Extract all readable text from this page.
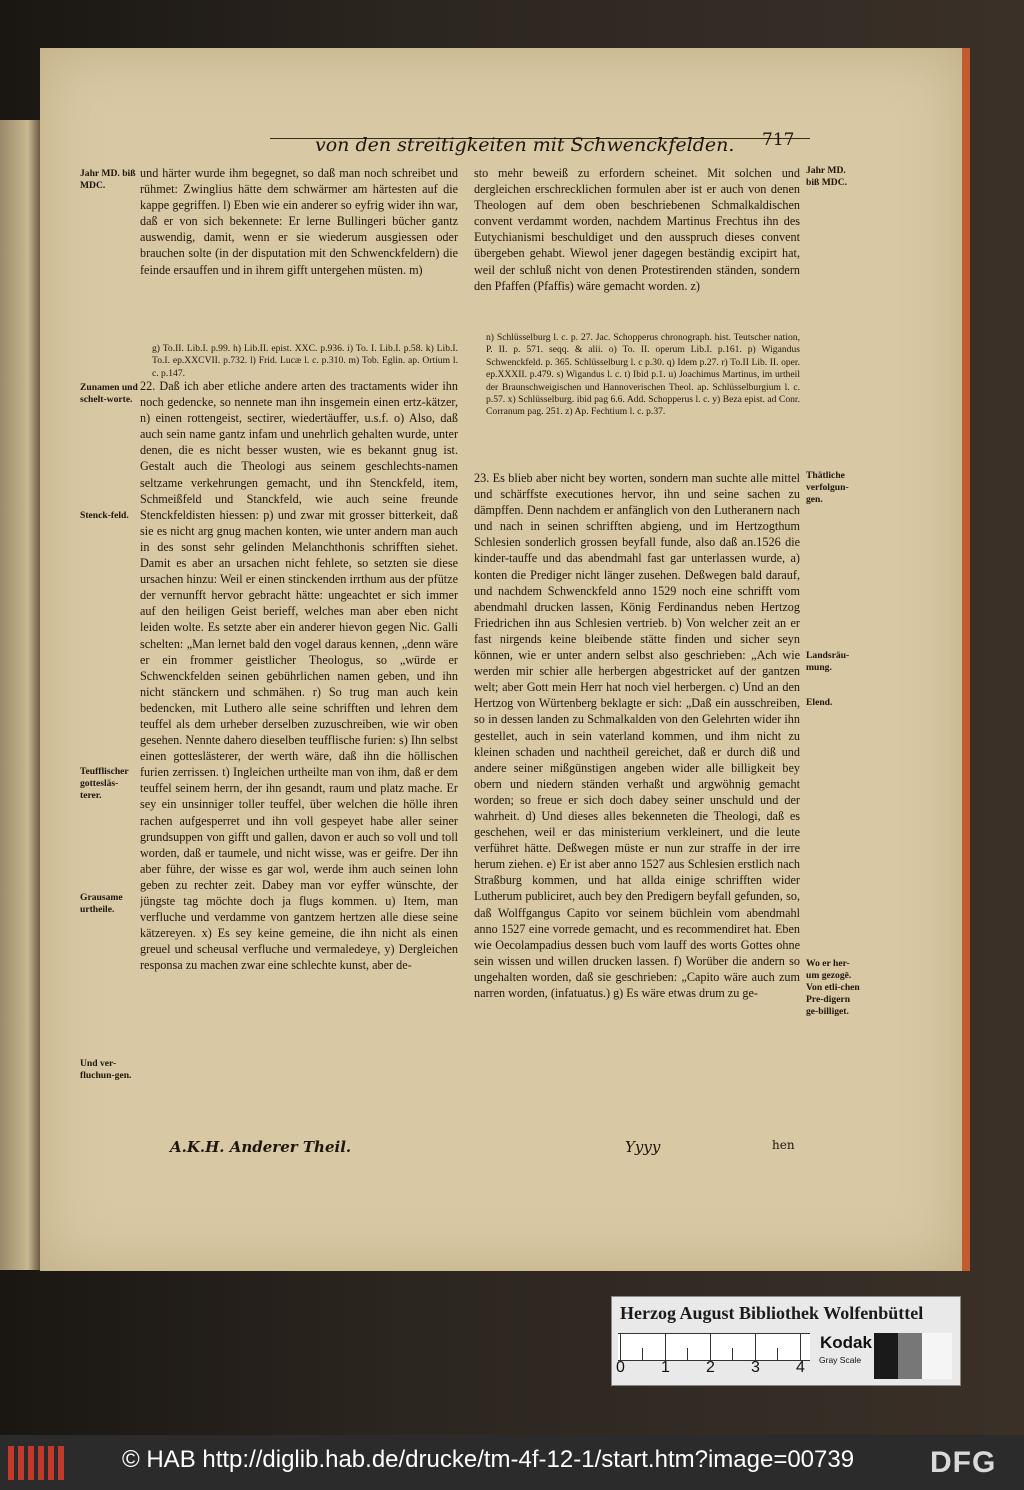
von den streitigkeiten mit Schwenckfelden. 717

und härter wurde ihm begegnet, so daß man noch schreibet und rühmet: Zwinglius hätte dem schwärmer am härtesten auf die kappe gegriffen. l) Eben wie ein anderer so eyfrig wider ihn war, daß er von sich bekennete: Er lerne Bullingeri bücher gantz auswendig, damit, wenn er sie wiederum ausgiessen oder brauchen solte (in der disputation mit den Schwenckfeldern) die feinde ersauffen und in ihrem gifft untergehen müsten. m)

g) To.II. Lib.I. p.99. h) Lib.II. epist. XXC. p.936. i) To. I. Lib.I. p.58. k) Lib.I. To.I. ep.XXCVII. p.732. l) Frid. Lucæ l. c. p.310. m) Tob. Eglin. ap. Ortium l. c. p.147.

sto mehr beweiß zu erfordern scheinet. Mit solchen und dergleichen erschrecklichen formulen aber ist er auch von denen Theologen auf dem oben beschriebenen Schmalkaldischen convent verdammt worden, nachdem Martinus Frechtus ihn des Eutychianismi beschuldiget und den ausspruch dieses convent übergeben gehabt. Wiewol jener dagegen beständig excipirt hat, weil der schluß nicht von denen Protestirenden ständen, sondern den Pfaffen (Pfaffis) wäre gemacht worden. z)

n) Schlüsselburg l. c. p. 27. Jac. Schopperus chronograph. hist. Teutscher nation, P. II. p. 571. seqq. & alii. o) To. II. operum Lib.I. p.161. p) Wigandus Schwenckfeld. p. 365. Schlüsselburg l. c p.30. q) Idem p.27. r) To.II Lib. II. oper. ep.XXXII. p.479. s) Wigandus l. c. t) Ibid p.1. u) Joachimus Martinus, im urtheil der Braunschweigischen und Hannoverischen Theol. ap. Schlüsselburgium l. c. p.57. x) Schlüsselburg. ibid pag 6.6. Add. Schopperus l. c. y) Beza epist. ad Conr. Corranum pag. 251. z) Ap. Fechtium l. c. p.37.

22. Daß ich aber etliche andere arten des tractaments wider ihn noch gedencke, so nennete man ihn insgemein einen ertz-kätzer, n) einen rottengeist, sectirer, wiedertäuffer, u.s.f. o) Also, daß auch sein name gantz infam und unehrlich gehalten wurde, unter denen, die es nicht besser wusten, wie es bekannt gnug ist. Gestalt auch die Theologi aus seinem geschlechts-namen seltzame verkehrungen gemacht, und ihn Stenckfeld, item, Schmeißfeld und Stanckfeld, wie auch seine freunde Stenckfeldisten hiessen: p) und zwar mit grosser bitterkeit, daß sie es nicht arg gnug machen konten, wie unter andern man auch in des sonst sehr gelinden Melanchthonis schrifften siehet. Damit es aber an ursachen nicht fehlete, so setzten sie diese ursachen hinzu: Weil er einen stinckenden irrthum aus der pfütze der vernunfft hervor gebracht hätte: ungeachtet er sich immer auf den heiligen Geist berieff, welches man aber eben nicht leiden wolte. Es setzte aber ein anderer hievon gegen Nic. Galli schelten: „Man lernet bald den vogel daraus kennen, „denn wäre er ein frommer geistlicher Theologus, so „würde er Schwenckfelden seinen gebührlichen namen geben, und ihn nicht stänckern und schmähen. r) So trug man auch kein bedencken, mit Luthero alle seine schrifften und lehren dem teuffel als dem urheber derselben zuzuschreiben, wie wir oben gesehen. Nennte dahero dieselben teufflische furien: s) Ihn selbst einen gotteslästerer, der werth wäre, daß ihn die höllischen furien zerrissen. t) Ingleichen urtheilte man von ihm, daß er dem teuffel seinem herrn, der ihn gesandt, raum und platz mache. Er sey ein unsinniger toller teuffel, über welchen die hölle ihren rachen aufgesperret und ihn voll gespeyet habe aller seiner grundsuppen von gifft und gallen, davon er auch so voll und toll worden, daß er taumele, und nicht wisse, was er geifre. Der ihn aber führe, der wisse es gar wol, werde ihm auch seinen lohn geben zu rechter zeit. Dabey man vor eyffer wünschte, der jüngste tag möchte doch ja flugs kommen. u) Item, man verfluche und verdamme von gantzem hertzen alle diese seine kätzereyen. x) Es sey keine gemeine, die ihn nicht als einen greuel und scheusal verfluche und vermaledeye, y) Dergleichen responsa zu machen zwar eine schlechte kunst, aber de-

23. Es blieb aber nicht bey worten, sondern man suchte alle mittel und schärffste executiones hervor, ihn und seine sachen zu dämpffen. Denn nachdem er anfänglich von den Lutheranern nach und nach in seinen schrifften abgieng, und im Hertzogthum Schlesien sonderlich grossen beyfall funde, also daß an.1526 die kinder-tauffe und das abendmahl fast gar unterlassen wurde, a) konten die Prediger nicht länger zusehen. Deßwegen bald darauf, und nachdem Schwenckfeld anno 1529 noch eine schrifft vom abendmahl drucken lassen, König Ferdinandus neben Hertzog Friedrichen ihn aus Schlesien vertrieb. b) Von welcher zeit an er fast nirgends keine bleibende stätte finden und sicher seyn können, wie er unter andern selbst also geschrieben: „Ach wie werden mir schier alle herbergen abgestricket auf der gantzen welt; aber Gott mein Herr hat noch viel herbergen. c) Und an den Hertzog von Würtenberg beklagte er sich: „Daß ein ausschreiben, so in dessen landen zu Schmalkalden von den Gelehrten wider ihn gestellet, auch in sein vaterland kommen, und ihm nicht zu kleinen schaden und nachtheil gereichet, daß er durch diß und andere seiner mißgünstigen angeben wider alle billigkeit bey obern und niedern ständen verhaßt und argwöhnig gemacht worden; so freue er sich doch dabey seiner unschuld und der wahrheit. d) Und dieses alles bekenneten die Theologi, daß es geschehen, weil er das ministerium verkleinert, und die leute verführet hätte. Deßwegen müste er nun zur straffe in der irre herum ziehen. e) Er ist aber anno 1527 aus Schlesien erstlich nach Straßburg kommen, und hat allda einige schrifften wider Lutherum publiciret, auch bey den Predigern beyfall gefunden, so, daß Wolffgangus Capito vor seinem büchlein vom abendmahl anno 1527 eine vorrede gemacht, und es recommendiret hat. Eben wie Oecolampadius dessen buch vom lauff des worts Gottes ohne sein wissen und willen drucken lassen. f) Worüber die andern so ungehalten worden, daß sie geschrieben: „Capito wäre auch zum narren worden, (infatuatus.) g) Es wäre etwas drum zu ge-

Jahr MD. biß MDC.
Zunamen und schelt-worte.
Stenck-feld.
Teufflischer gottesläs-terer.
Grausame urtheile.
Und ver-fluchun-gen.
Jahr MD. biß MDC.
Thätliche verfolgun-gen.
Landsräu-mung.
Elend.
Wo er her-um gezogē. Von etli-chen Pre-digern ge-billiget.
A.K.H. Anderer Theil.	Yyyy	hen
Herzog August Bibliothek Wolfenbüttel
0 1 2 3 4
Kodak
Gray Scale
© HAB http://diglib.hab.de/drucke/tm-4f-12-1/start.htm?image=00739	DFG
